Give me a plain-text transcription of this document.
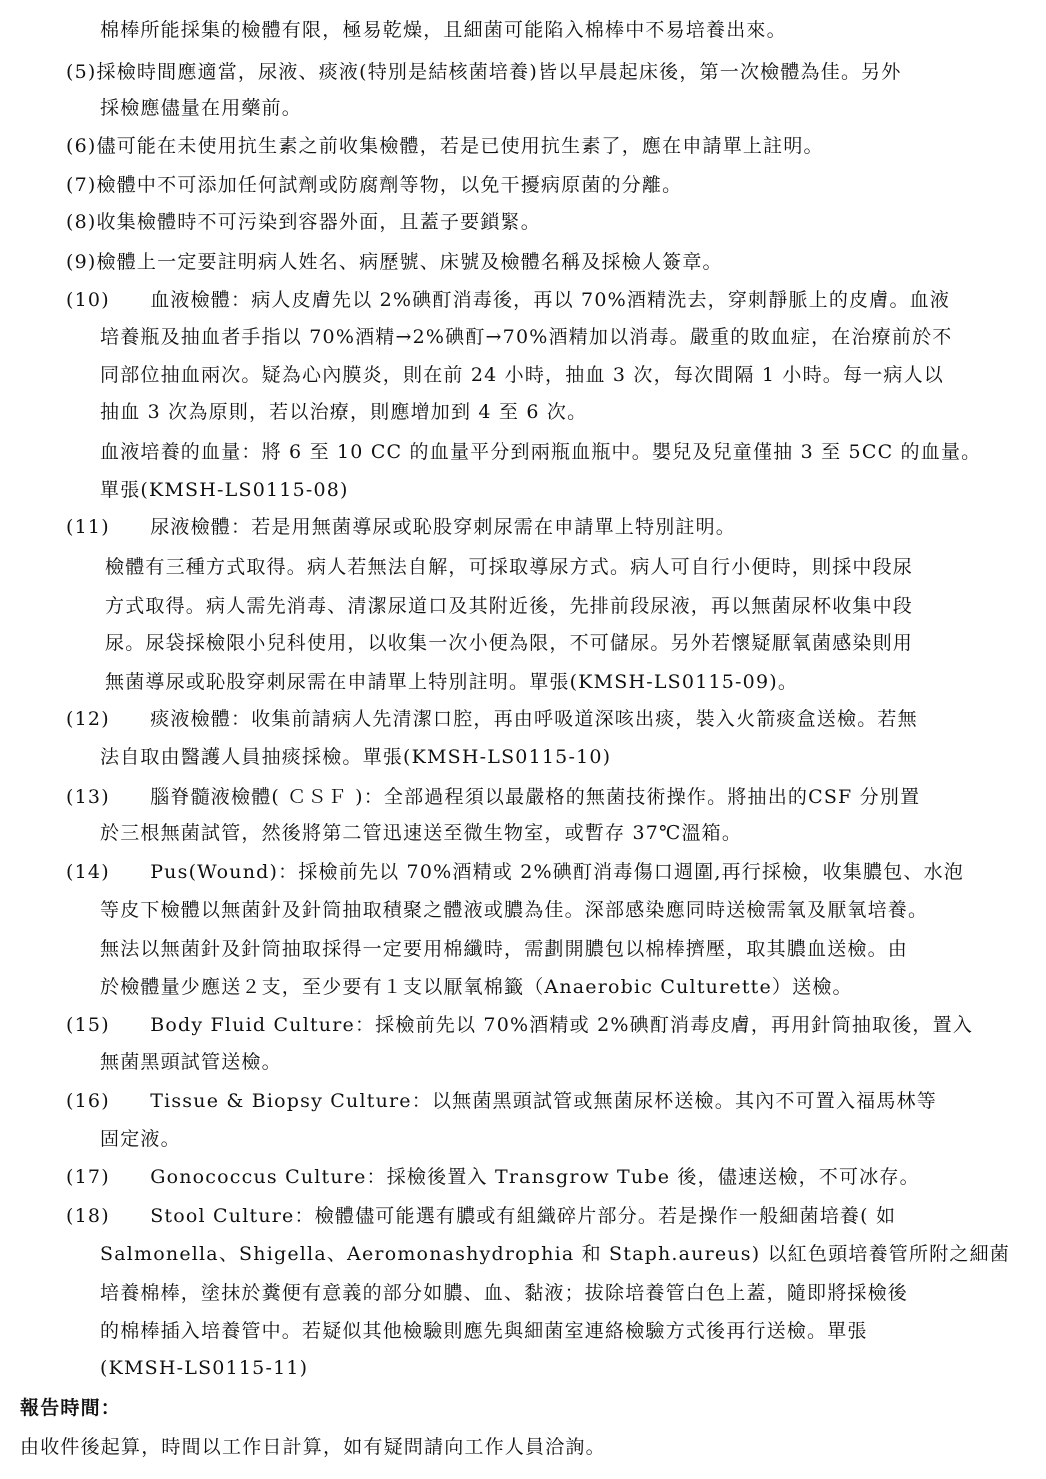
棉棒所能採集的檢體有限，極易乾燥，且細菌可能陷入棉棒中不易培養出來。
(5)採檢時間應適當，尿液、痰液(特別是結核菌培養)皆以早晨起床後，第一次檢體為佳。另外
採檢應儘量在用藥前。
(6)儘可能在未使用抗生素之前收集檢體，若是已使用抗生素了，應在申請單上註明。
(7)檢體中不可添加任何試劑或防腐劑等物，以免干擾病原菌的分離。
(8)收集檢體時不可污染到容器外面，且蓋子要鎖緊。
(9)檢體上一定要註明病人姓名、病歷號、床號及檢體名稱及採檢人簽章。
(10)　　血液檢體：病人皮膚先以 2%碘酊消毒後，再以 70%酒精洗去，穿刺靜脈上的皮膚。血液
培養瓶及抽血者手指以 70%酒精→2%碘酊→70%酒精加以消毒。嚴重的敗血症，在治療前於不
同部位抽血兩次。疑為心內膜炎，則在前 24 小時，抽血 3 次，每次間隔 1 小時。每一病人以
抽血 3 次為原則，若以治療，則應增加到 4 至 6 次。
血液培養的血量：將 6 至 10 CC 的血量平分到兩瓶血瓶中。嬰兒及兒童僅抽 3 至 5CC 的血量。
單張(KMSH-LS0115-08)
(11)　　尿液檢體：若是用無菌導尿或恥股穿刺尿需在申請單上特別註明。
檢體有三種方式取得。病人若無法自解，可採取導尿方式。病人可自行小便時，則採中段尿
方式取得。病人需先消毒、清潔尿道口及其附近後，先排前段尿液，再以無菌尿杯收集中段
尿。尿袋採檢限小兒科使用，以收集一次小便為限，不可儲尿。另外若懷疑厭氧菌感染則用
無菌導尿或恥股穿刺尿需在申請單上特別註明。單張(KMSH-LS0115-09)。
(12)　　痰液檢體：收集前請病人先清潔口腔，再由呼吸道深咳出痰，裝入火箭痰盒送檢。若無
法自取由醫護人員抽痰採檢。單張(KMSH-LS0115-10)
(13)　　腦脊髓液檢體( ＣＳＦ )：全部過程須以最嚴格的無菌技術操作。將抽出的CSF 分別置
於三根無菌試管，然後將第二管迅速送至微生物室，或暫存 37℃溫箱。
(14)　　Pus(Wound)：採檢前先以 70%酒精或 2%碘酊消毒傷口週圍,再行採檢，收集膿包、水泡
等皮下檢體以無菌針及針筒抽取積聚之體液或膿為佳。深部感染應同時送檢需氧及厭氧培養。
無法以無菌針及針筒抽取採得一定要用棉纖時，需劃開膿包以棉棒擠壓，取其膿血送檢。由
於檢體量少應送２支，至少要有１支以厭氧棉籤（Anaerobic Culturette）送檢。
(15)　　Body Fluid Culture：採檢前先以 70%酒精或 2%碘酊消毒皮膚，再用針筒抽取後，置入
無菌黑頭試管送檢。
(16)　　Tissue & Biopsy Culture：以無菌黑頭試管或無菌尿杯送檢。其內不可置入福馬林等
固定液。
(17)　　Gonococcus Culture：採檢後置入 Transgrow Tube 後，儘速送檢，不可冰存。
(18)　　Stool Culture：檢體儘可能選有膿或有組織碎片部分。若是操作一般細菌培養( 如
Salmonella、Shigella、Aeromonashydrophia 和 Staph.aureus) 以紅色頭培養管所附之細菌
培養棉棒，塗抹於糞便有意義的部分如膿、血、黏液；拔除培養管白色上蓋，隨即將採檢後
的棉棒插入培養管中。若疑似其他檢驗則應先與細菌室連絡檢驗方式後再行送檢。單張
(KMSH-LS0115-11)
報告時間：
由收件後起算，時間以工作日計算，如有疑問請向工作人員洽詢。
